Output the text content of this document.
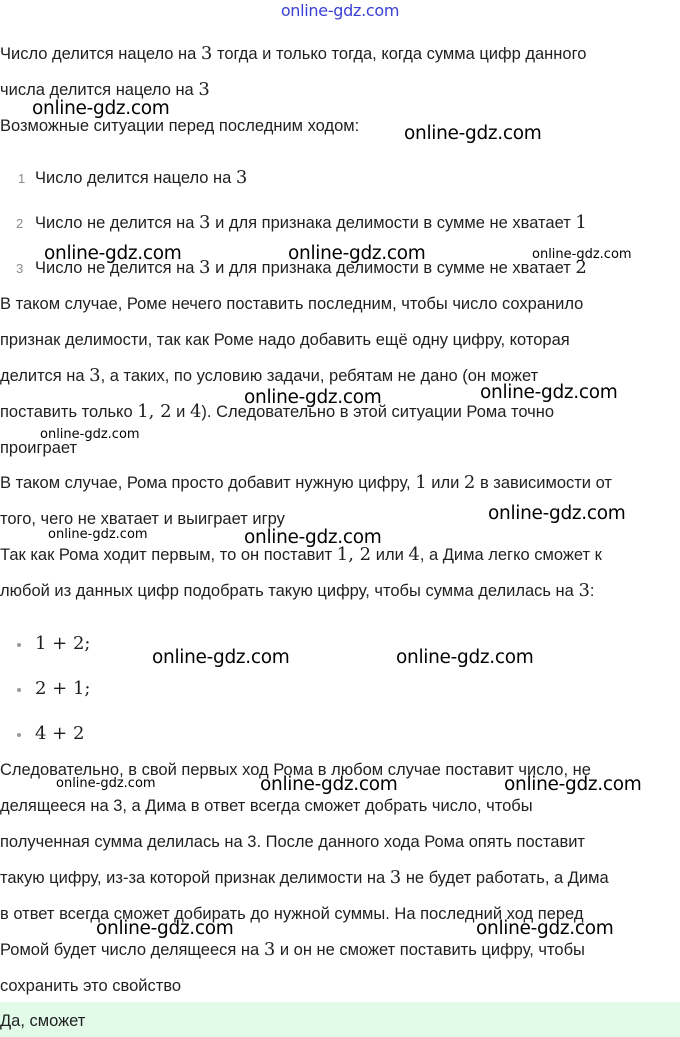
online-gdz.com
Число делится нацело на 3 тогда и только тогда, когда сумма цифр данного
числа делится нацело на 3
Возможные ситуации перед последним ходом:
1 Число делится нацело на 3
2 Число не делится на 3 и для признака делимости в сумме не хватает 1
3 Число не делится на 3 и для признака делимости в сумме не хватает 2
В таком случае, Роме нечего поставить последним, чтобы число сохранило
признак делимости, так как Роме надо добавить ещё одну цифру, которая
делится на 3, а таких, по условию задачи, ребятам не дано (он может
поставить только 1, 2 и 4). Следовательно в этой ситуации Рома точно
проиграет
В таком случае, Рома просто добавит нужную цифру, 1 или 2 в зависимости от
того, чего не хватает и выиграет игру
Так как Рома ходит первым, то он поставит 1, 2 или 4, а Дима легко сможет к
любой из данных цифр подобрать такую цифру, чтобы сумма делилась на 3:
1 + 2;
2 + 1;
4 + 2
Следовательно, в свой первых ход Рома в любом случае поставит число, не
делящееся на 3, а Дима в ответ всегда сможет добрать число, чтобы
полученная сумма делилась на 3. После данного хода Рома опять поставит
такую цифру, из-за которой признак делимости на 3 не будет работать, а Дима
в ответ всегда сможет добирать до нужной суммы. На последний ход перед
Ромой будет число делящееся на 3 и он не сможет поставить цифру, чтобы
сохранить это свойство
Да, сможет
online-gdz.com
online-gdz.com
online-gdz.com	online-gdz.com	online-gdz.com
online-gdz.com	online-gdz.com
online-gdz.com
online-gdz.com
online-gdz.com	online-gdz.com
online-gdz.com	online-gdz.com
online-gdz.com	online-gdz.com	online-gdz.com
online-gdz.com	online-gdz.com
